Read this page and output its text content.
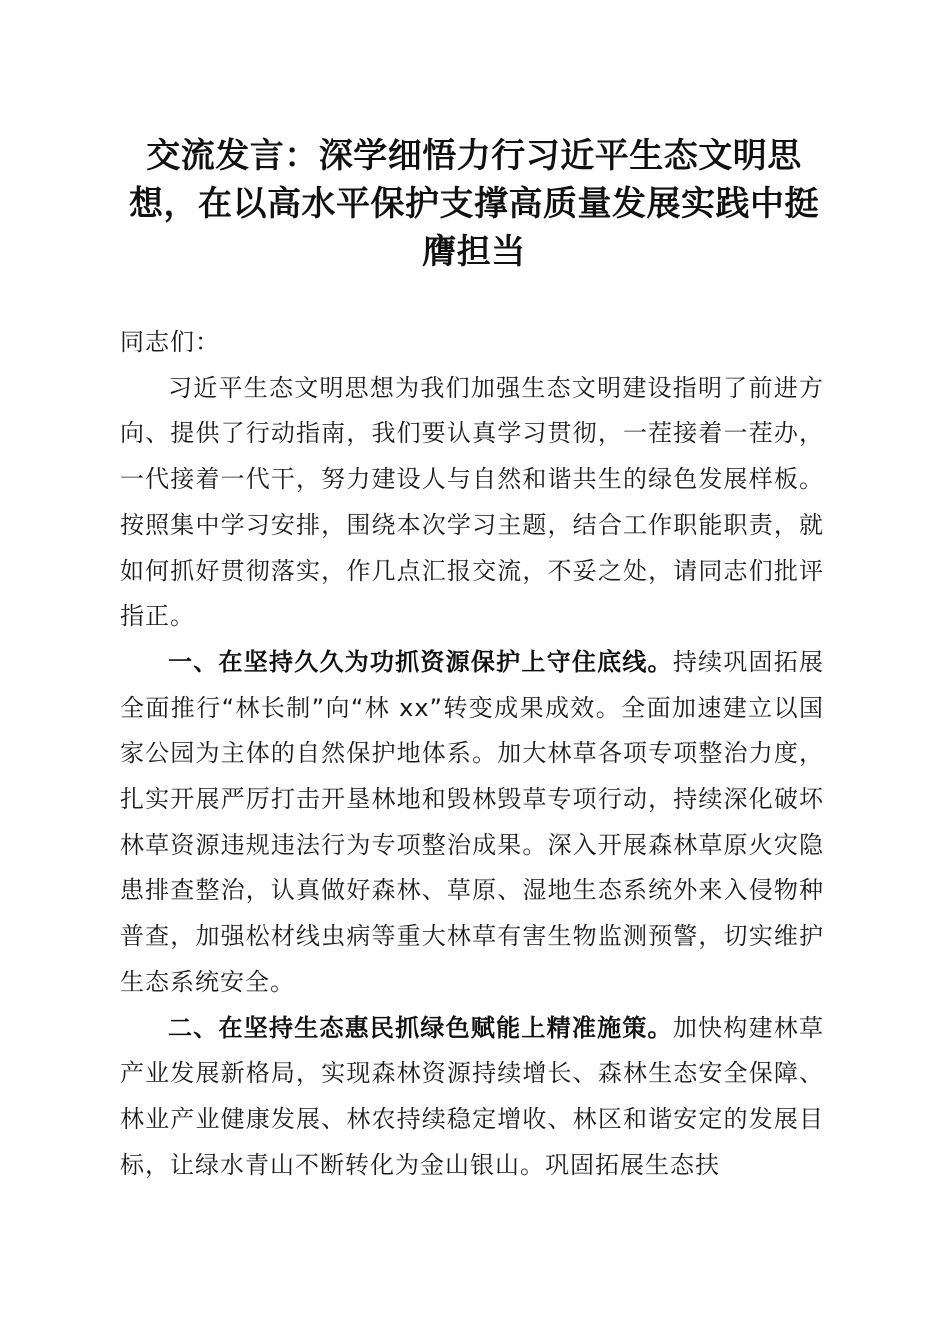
交流发言：深学细悟力行习近平生态文明思想，在以高水平保护支撑高质量发展实践中挺膺担当

同志们：

习近平生态文明思想为我们加强生态文明建设指明了前进方向、提供了行动指南，我们要认真学习贯彻，一茬接着一茬办，一代接着一代干，努力建设人与自然和谐共生的绿色发展样板。按照集中学习安排，围绕本次学习主题，结合工作职能职责，就如何抓好贯彻落实，作几点汇报交流，不妥之处，请同志们批评指正。

一、在坚持久久为功抓资源保护上守住底线。持续巩固拓展全面推行“林长制”向“林 xx”转变成果成效。全面加速建立以国家公园为主体的自然保护地体系。加大林草各项专项整治力度，扎实开展严厉打击开垦林地和毁林毁草专项行动，持续深化破坏林草资源违规违法行为专项整治成果。深入开展森林草原火灾隐患排查整治，认真做好森林、草原、湿地生态系统外来入侵物种普查，加强松材线虫病等重大林草有害生物监测预警，切实维护生态系统安全。

二、在坚持生态惠民抓绿色赋能上精准施策。加快构建林草产业发展新格局，实现森林资源持续增长、森林生态安全保障、林业产业健康发展、林农持续稳定增收、林区和谐安定的发展目标，让绿水青山不断转化为金山银山。巩固拓展生态扶
